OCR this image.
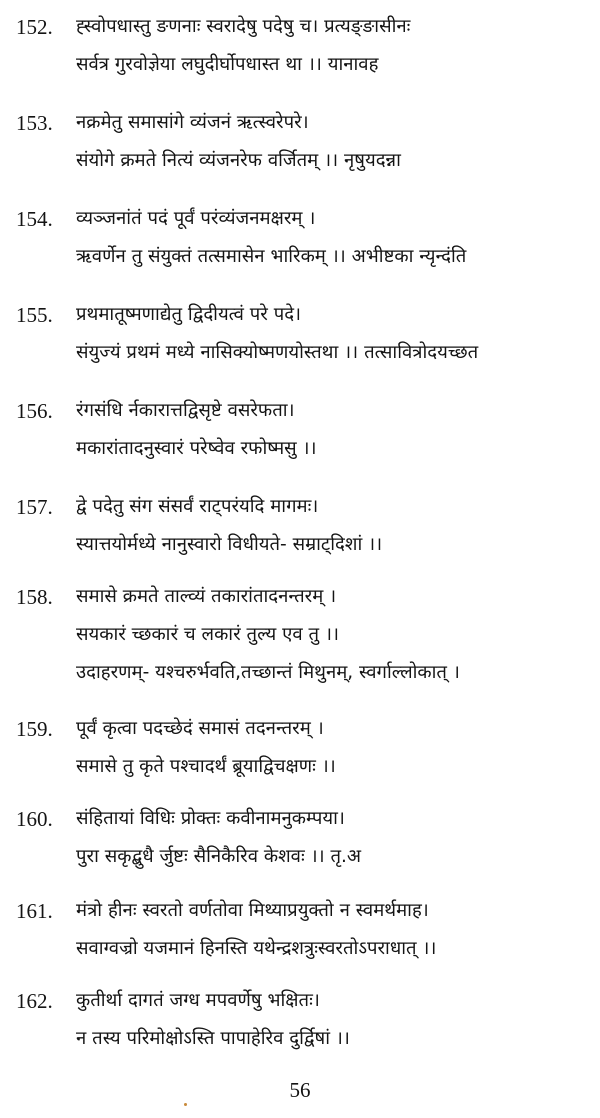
152. ह्स्वोपधास्तु ङणनाः स्वरादेषु पदेषु च। प्रत्यङ्ङासीनः
सर्वत्र गुरवोज्ञेया लघुदीर्घोपधास्त था ।। यानावह
153. नक्रमेतु समासांगे व्यंजनं ऋत्स्वरेपरे।
संयोगे क्रमते नित्यं व्यंजनरेफ वर्जितम् ।। नृषुयदन्ना
154. व्यञ्जनांतं पदं पूर्वं परंव्यंजनमक्षरम् ।
ऋवर्णेन तु संयुक्तं तत्समासेन भारिकम् ।। अभीष्टका न्यृन्दंति
155. प्रथमातूष्मणाद्येतु द्विदीयत्वं परे पदे।
संयुज्यं प्रथमं मध्ये नासिक्योष्मणयोस्तथा ।। तत्सावित्रोदयच्छत
156. रंगसंधि र्नकारात्तद्विसृष्टे वसरेफता।
मकारांतादनुस्वारं परेष्वेव रफोष्मसु ।।
157. द्वे पदेतु संग संसर्वं राट्परंयदि मागमः।
स्यात्तयोर्मध्ये नानुस्वारो विधीयते- सम्राट्दिशां ।।
158. समासे क्रमते ताल्व्यं तकारांतादनन्तरम् ।
सयकारं च्छकारं च लकारं तुल्य एव तु ।।
उदाहरणम्- यश्चरुर्भवति,तच्छान्तं मिथुनम्, स्वर्गाल्लोकात् ।
159. पूर्वं कृत्वा पदच्छेदं समासं तदनन्तरम् ।
समासे तु कृते पश्चादर्थं ब्रूयाद्विचक्षणः ।।
160. संहितायां विधिः प्रोक्तः कवीनामनुकम्पया।
पुरा सकृद्बुधै र्जुष्टः सैनिकैरिव केशवः ।। तृ.अ
161. मंत्रो हीनः स्वरतो वर्णतोवा मिथ्याप्रयुक्तो न स्वमर्थमाह।
सवाग्वज्रो यजमानं हिनस्ति यथेन्द्रशत्रुःस्वरतोऽपराधात् ।।
162. कुतीर्था दागतं जग्ध मपवर्णेषु भक्षितः।
न तस्य परिमोक्षोऽस्ति पापाहेरिव दुर्द्विषां ।।
56
